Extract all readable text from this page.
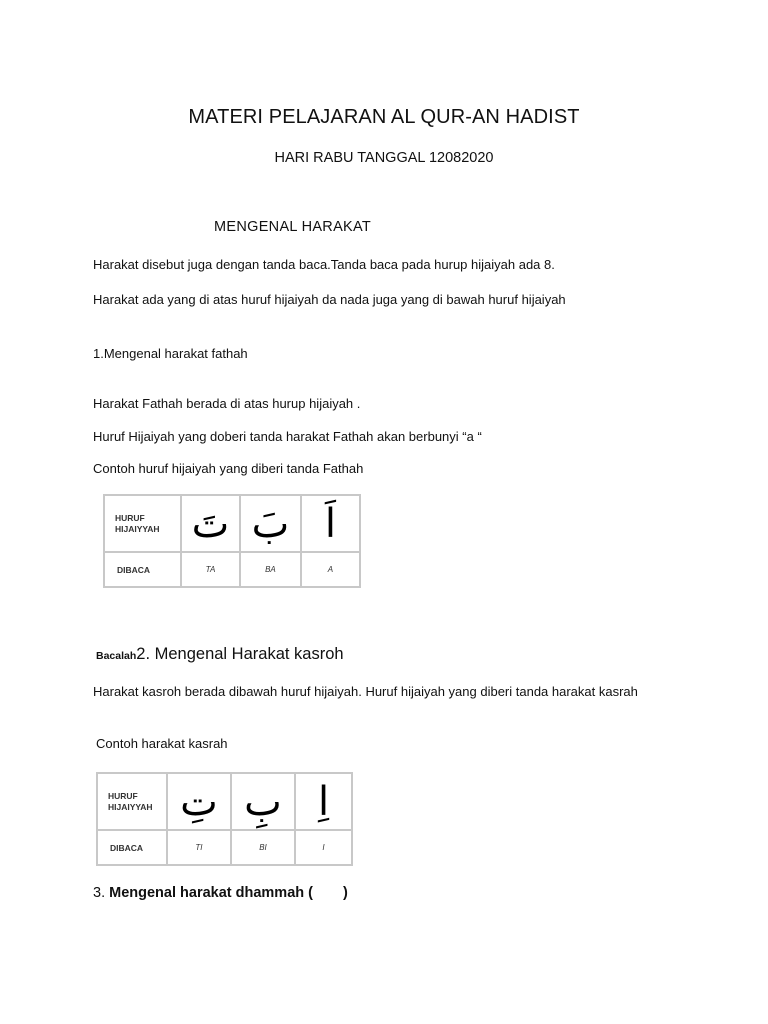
MATERI PELAJARAN AL QUR-AN HADIST
HARI RABU TANGGAL 12082020
MENGENAL HARAKAT
Harakat disebut juga dengan tanda baca.Tanda baca pada hurup hijaiyah ada 8.
Harakat ada yang di atas huruf hijaiyah da nada juga yang di bawah huruf hijaiyah
1.Mengenal harakat fathah
Harakat Fathah berada di atas hurup hijaiyah .
Huruf Hijaiyah yang doberi tanda harakat Fathah akan berbunyi “a “
Contoh huruf hijaiyah yang diberi tanda Fathah
HURUF
HIJAIYYAH	تَ	بَ	اَ
DIBACA	TA	BA	A
Bacalah2. Mengenal Harakat kasroh
Harakat kasroh berada dibawah huruf hijaiyah. Huruf hijaiyah yang diberi tanda harakat kasrah
Contoh harakat kasrah
HURUF
HIJAIYYAH	تِ	بِ	اِ
DIBACA	TI	BI	I
3. Mengenal harakat dhammah ( )
